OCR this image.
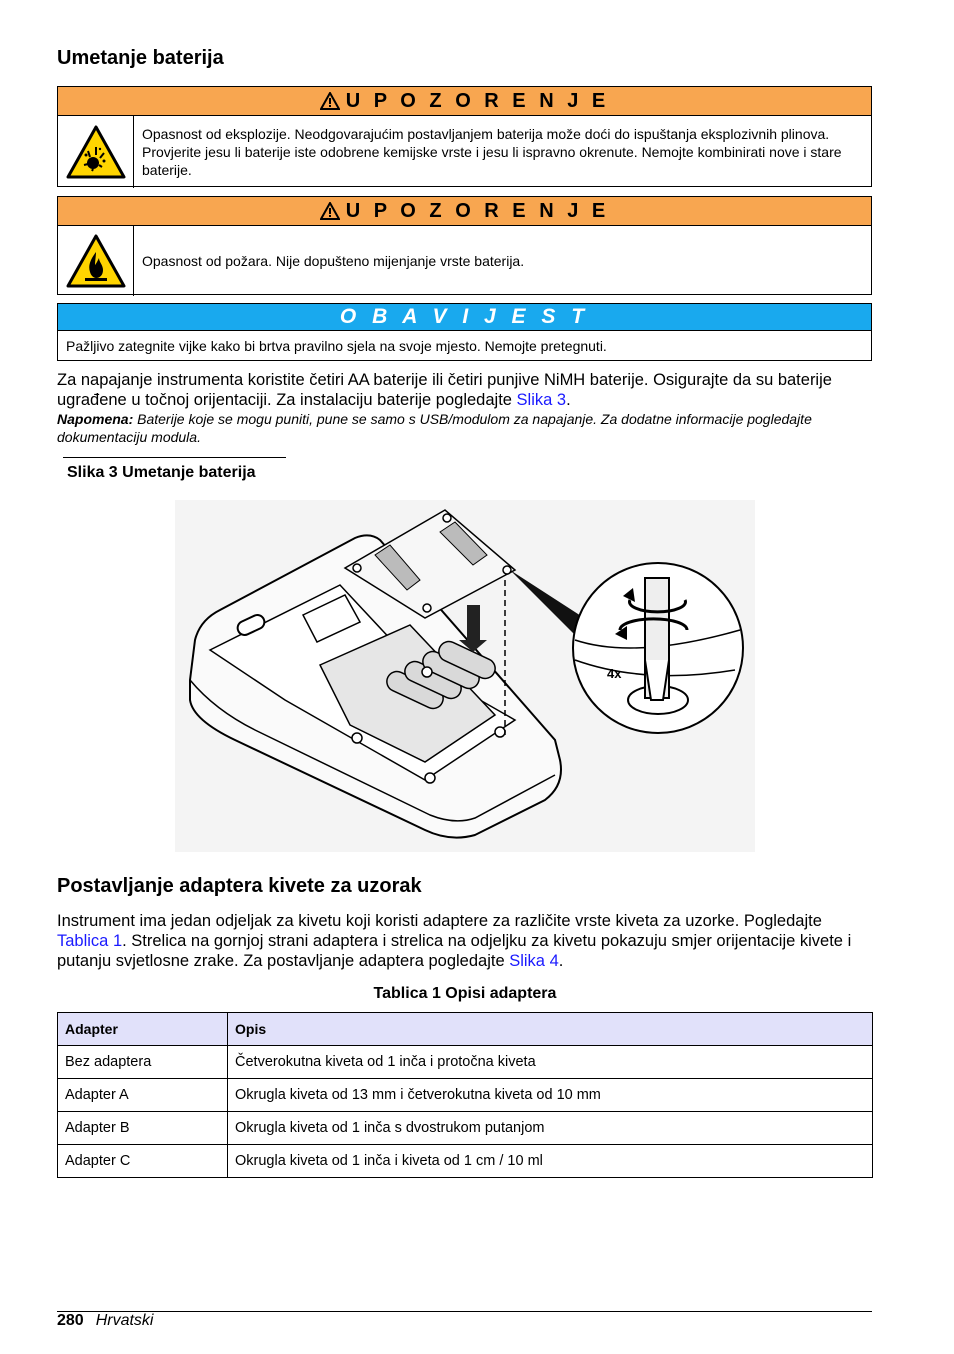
Umetanje baterija
U P O Z O R E N J E
Opasnost od eksplozije. Neodgovarajućim postavljanjem baterija može doći do ispuštanja eksplozivnih plinova. Provjerite jesu li baterije iste odobrene kemijske vrste i jesu li ispravno okrenute. Nemojte kombinirati nove i stare baterije.
U P O Z O R E N J E
Opasnost od požara. Nije dopušteno mijenjanje vrste baterija.
O B A V I J E S T
Pažljivo zategnite vijke kako bi brtva pravilno sjela na svoje mjesto. Nemojte pretegnuti.
Za napajanje instrumenta koristite četiri AA baterije ili četiri punjive NiMH baterije. Osigurajte da su baterije ugrađene u točnoj orijentaciji. Za instalaciju baterije pogledajte Slika 3.
Napomena: Baterije koje se mogu puniti, pune se samo s USB/modulom za napajanje. Za dodatne informacije pogledajte dokumentaciju modula.
Slika 3 Umetanje baterija
4x
Postavljanje adaptera kivete za uzorak
Instrument ima jedan odjeljak za kivetu koji koristi adaptere za različite vrste kiveta za uzorke. Pogledajte Tablica 1. Strelica na gornjoj strani adaptera i strelica na odjeljku za kivetu pokazuju smjer orijentacije kivete i putanju svjetlosne zrake. Za postavljanje adaptera pogledajte Slika 4.
Tablica 1 Opisi adaptera
Adapter	Opis
Bez adaptera	Četverokutna kiveta od 1 inča i protočna kiveta
Adapter A	Okrugla kiveta od 13 mm i četverokutna kiveta od 10 mm
Adapter B	Okrugla kiveta od 1 inča s dvostrukom putanjom
Adapter C	Okrugla kiveta od 1 inča i kiveta od 1 cm / 10 ml
280 Hrvatski
